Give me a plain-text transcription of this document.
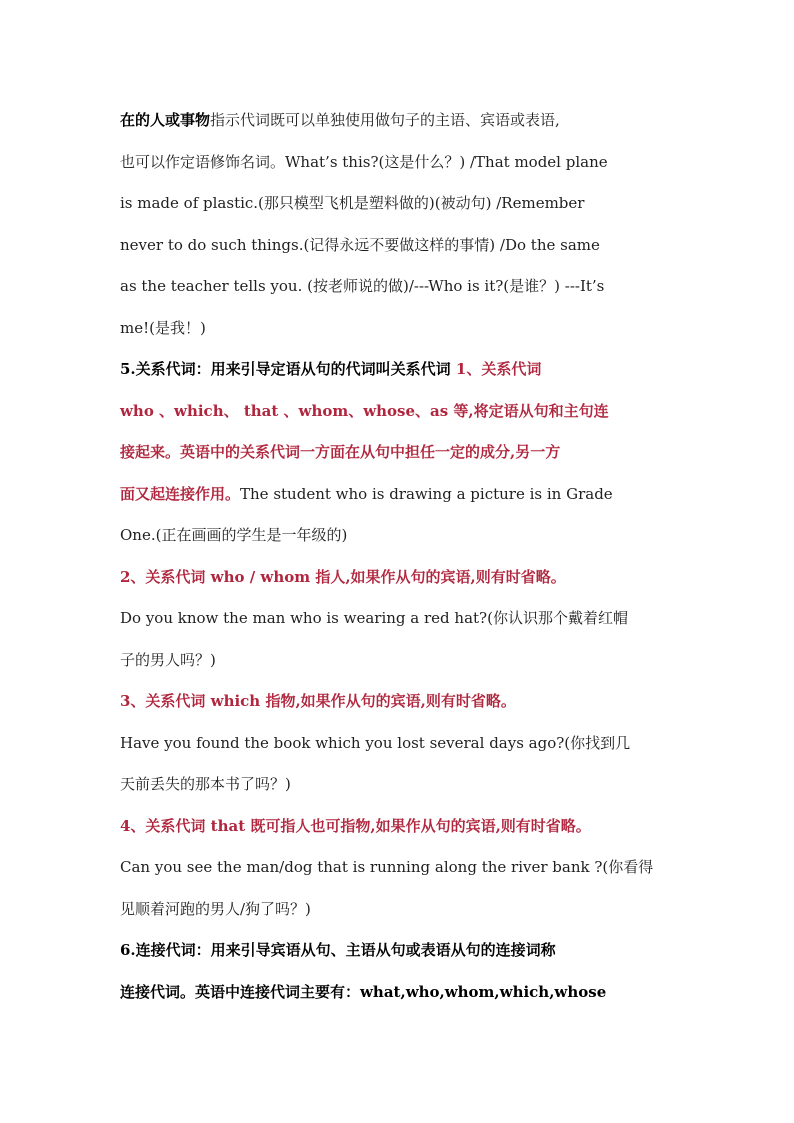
在的人或事物指示代词既可以单独使用做句子的主语、宾语或表语,
也可以作定语修饰名词。What’s this?(这是什么？) /That model plane
is made of plastic.(那只模型飞机是塑料做的)(被动句) /Remember
never to do such things.(记得永远不要做这样的事情) /Do the same
as the teacher tells you. (按老师说的做)/---Who is it?(是谁？) ---It’s
me!(是我！)
5.关系代词：用来引导定语从句的代词叫关系代词 1、关系代词
who 、which、 that 、whom、whose、as 等,将定语从句和主句连
接起来。英语中的关系代词一方面在从句中担任一定的成分,另一方
面又起连接作用。The student who is drawing a picture is in Grade
One.(正在画画的学生是一年级的)
2、关系代词 who / whom 指人,如果作从句的宾语,则有时省略。
Do you know the man who is wearing a red hat?(你认识那个戴着红帽
子的男人吗？)
3、关系代词 which 指物,如果作从句的宾语,则有时省略。
Have you found the book which you lost several days ago?(你找到几
天前丢失的那本书了吗？)
4、关系代词 that 既可指人也可指物,如果作从句的宾语,则有时省略。
Can you see the man/dog that is running along the river bank ?(你看得
见顺着河跑的男人/狗了吗？)
6.连接代词：用来引导宾语从句、主语从句或表语从句的连接词称
连接代词。英语中连接代词主要有：what,who,whom,which,whose
